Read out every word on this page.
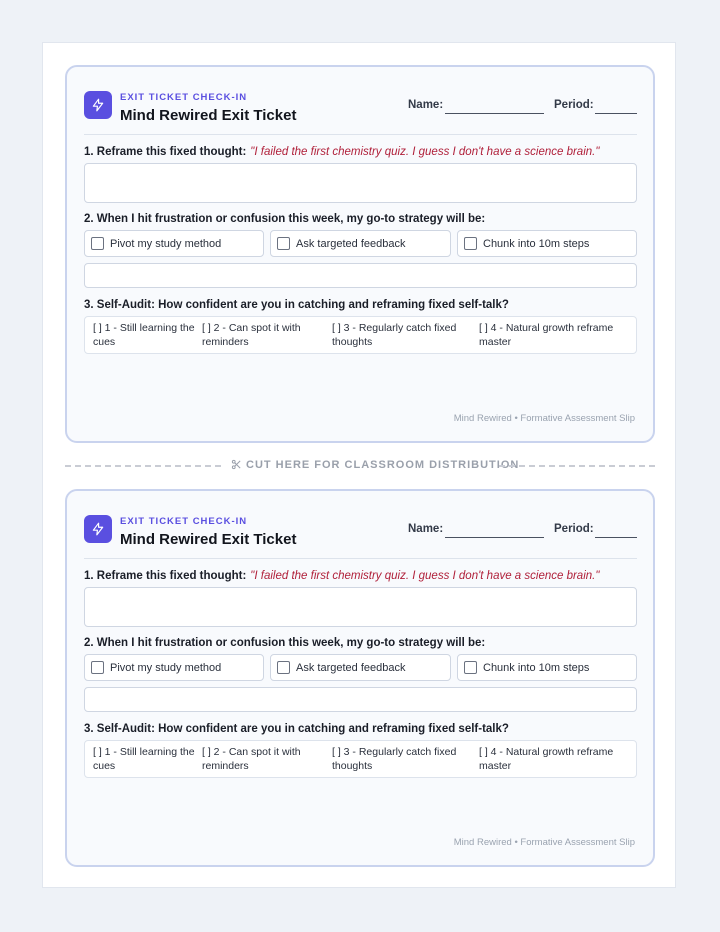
EXIT TICKET CHECK-IN
Mind Rewired Exit Ticket
Name:	Period:
1. Reframe this fixed thought: "I failed the first chemistry quiz. I guess I don't have a science brain."
2. When I hit frustration or confusion this week, my go-to strategy will be:
Pivot my study method	Ask targeted feedback	Chunk into 10m steps
3. Self-Audit: How confident are you in catching and reframing fixed self-talk?
[ ] 1 - Still learning the cues
[ ] 2 - Can spot it with reminders
[ ] 3 - Regularly catch fixed thoughts
[ ] 4 - Natural growth reframe master
Mind Rewired • Formative Assessment Slip
CUT HERE FOR CLASSROOM DISTRIBUTION
EXIT TICKET CHECK-IN
Mind Rewired Exit Ticket
Name:	Period:
1. Reframe this fixed thought: "I failed the first chemistry quiz. I guess I don't have a science brain."
2. When I hit frustration or confusion this week, my go-to strategy will be:
Pivot my study method	Ask targeted feedback	Chunk into 10m steps
3. Self-Audit: How confident are you in catching and reframing fixed self-talk?
[ ] 1 - Still learning the cues
[ ] 2 - Can spot it with reminders
[ ] 3 - Regularly catch fixed thoughts
[ ] 4 - Natural growth reframe master
Mind Rewired • Formative Assessment Slip
